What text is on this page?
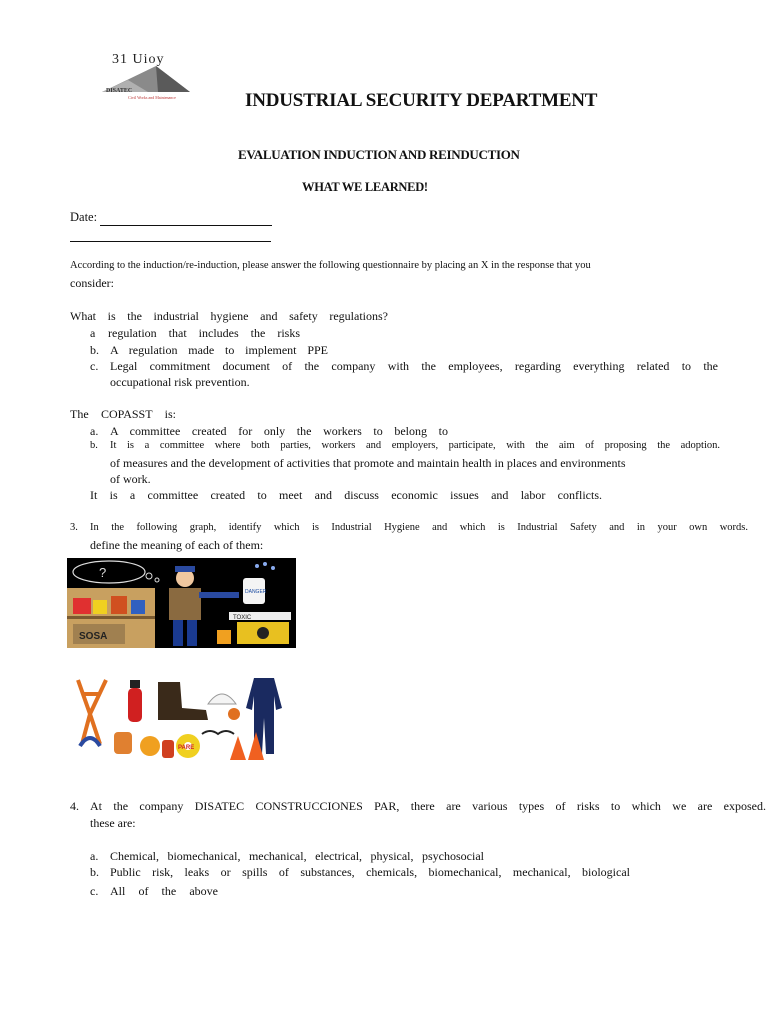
31 Uioy
DISATEC
Civil Works and Maintenance	INDUSTRIAL SECURITY DEPARTMENT
EVALUATION INDUCTION AND REINDUCTION
WHAT WE LEARNED!
Date:
According to the induction/re-induction, please answer the following questionnaire by placing an X in the response that you
consider:
What is the industrial hygiene and safety regulations?
a regulation that includes the risks
b. A regulation made to implement PPE
c. Legal commitment document of the company with the employees, regarding everything related to the
occupational risk prevention.
The COPASST is:
a. A committee created for only the workers to belong to
b. It is a committee where both parties, workers and employers, participate, with the aim of proposing the adoption.
of measures and the development of activities that promote and maintain health in places and environments
of work.
It is a committee created to meet and discuss economic issues and labor conflicts.
3. In the following graph, identify which is Industrial Hygiene and which is Industrial Safety and in your own words.
define the meaning of each of them:
?
SOSA
DANGER
TOXIC
PARE
4. At the company DISATEC CONSTRUCCIONES PAR, there are various types of risks to which we are exposed.
these are:
a. Chemical, biomechanical, mechanical, electrical, physical, psychosocial
b. Public risk, leaks or spills of substances, chemicals, biomechanical, mechanical, biological
c. All of the above
